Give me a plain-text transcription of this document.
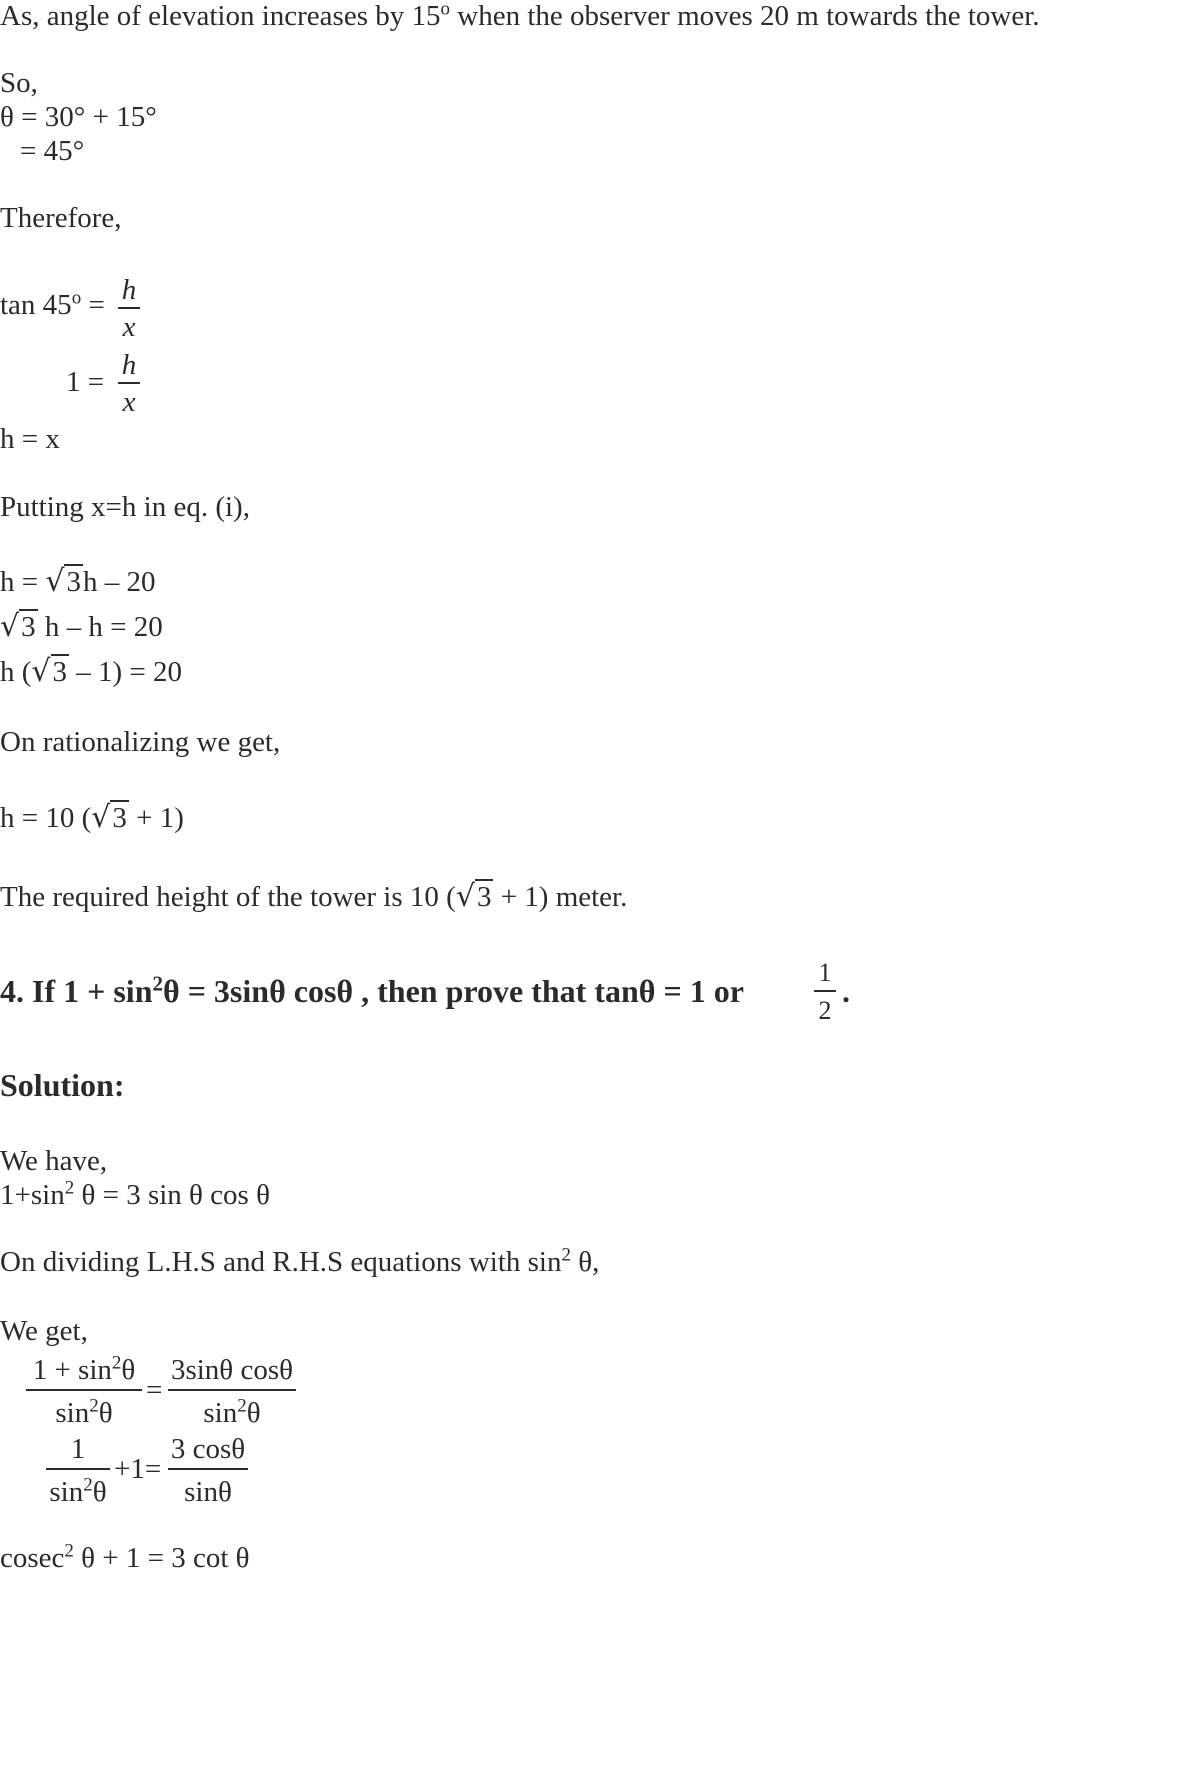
As, angle of elevation increases by 15$^o$ when the observer moves 20 m towards the tower.
So,
θ = 30° + 15°
= 45°
Therefore,
$\tan 45^o = h$
x
1 =
h
x
h = x
Putting x=h in eq. (i),
h = √3h – 20
√3 h – h = 20
h (√3 – 1) = 20
On rationalizing we get,
h = 10 (√3 + 1)
The required height of the tower is 10 (√3 + 1) meter.
4. If $1 + \sin^2\theta = 3\sin\theta$ cosθ , then prove that tanθ = 1 or
1
2
.
Solution:
We have,
$1+\sin^2$ θ = 3 sin θ cos θ
On dividing L.H.S and R.H.S equations with $\sin^2 \theta$,
We get,
$1 + \sin^2\theta$
$\sin^2\theta$
=
3sinθ cosθ
$\sin^2\theta$
1
$\sin^2\theta$
+1=
3 cosθ
sinθ
cosec$^2$ θ + 1 = 3 cot θ
